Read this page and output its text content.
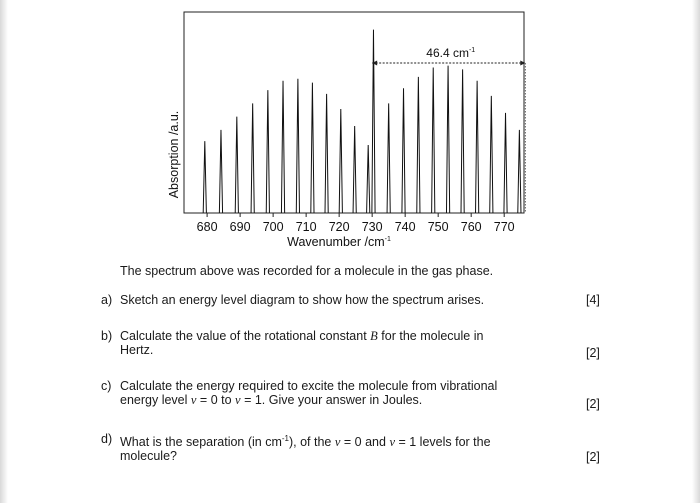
46.4 $cm^{-1}$
680 690 700 710 720 730 740 750 760 770
Wavenumber $/cm^{-1}$
Absorption /a.u.
The spectrum above was recorded for a molecule in the gas phase.
a) Sketch an energy level diagram to show how the spectrum arises.	[4]
b) Calculate the value of the rotational constant B for the molecule in
Hertz.	[2]
c) Calculate the energy required to excite the molecule from vibrational
energy level v = 0 to v = 1. Give your answer in Joules.	[2]
d) What is the separation (in $cm^{-1}$), of the v = 0 and v = 1 levels for the
molecule?	[2]
